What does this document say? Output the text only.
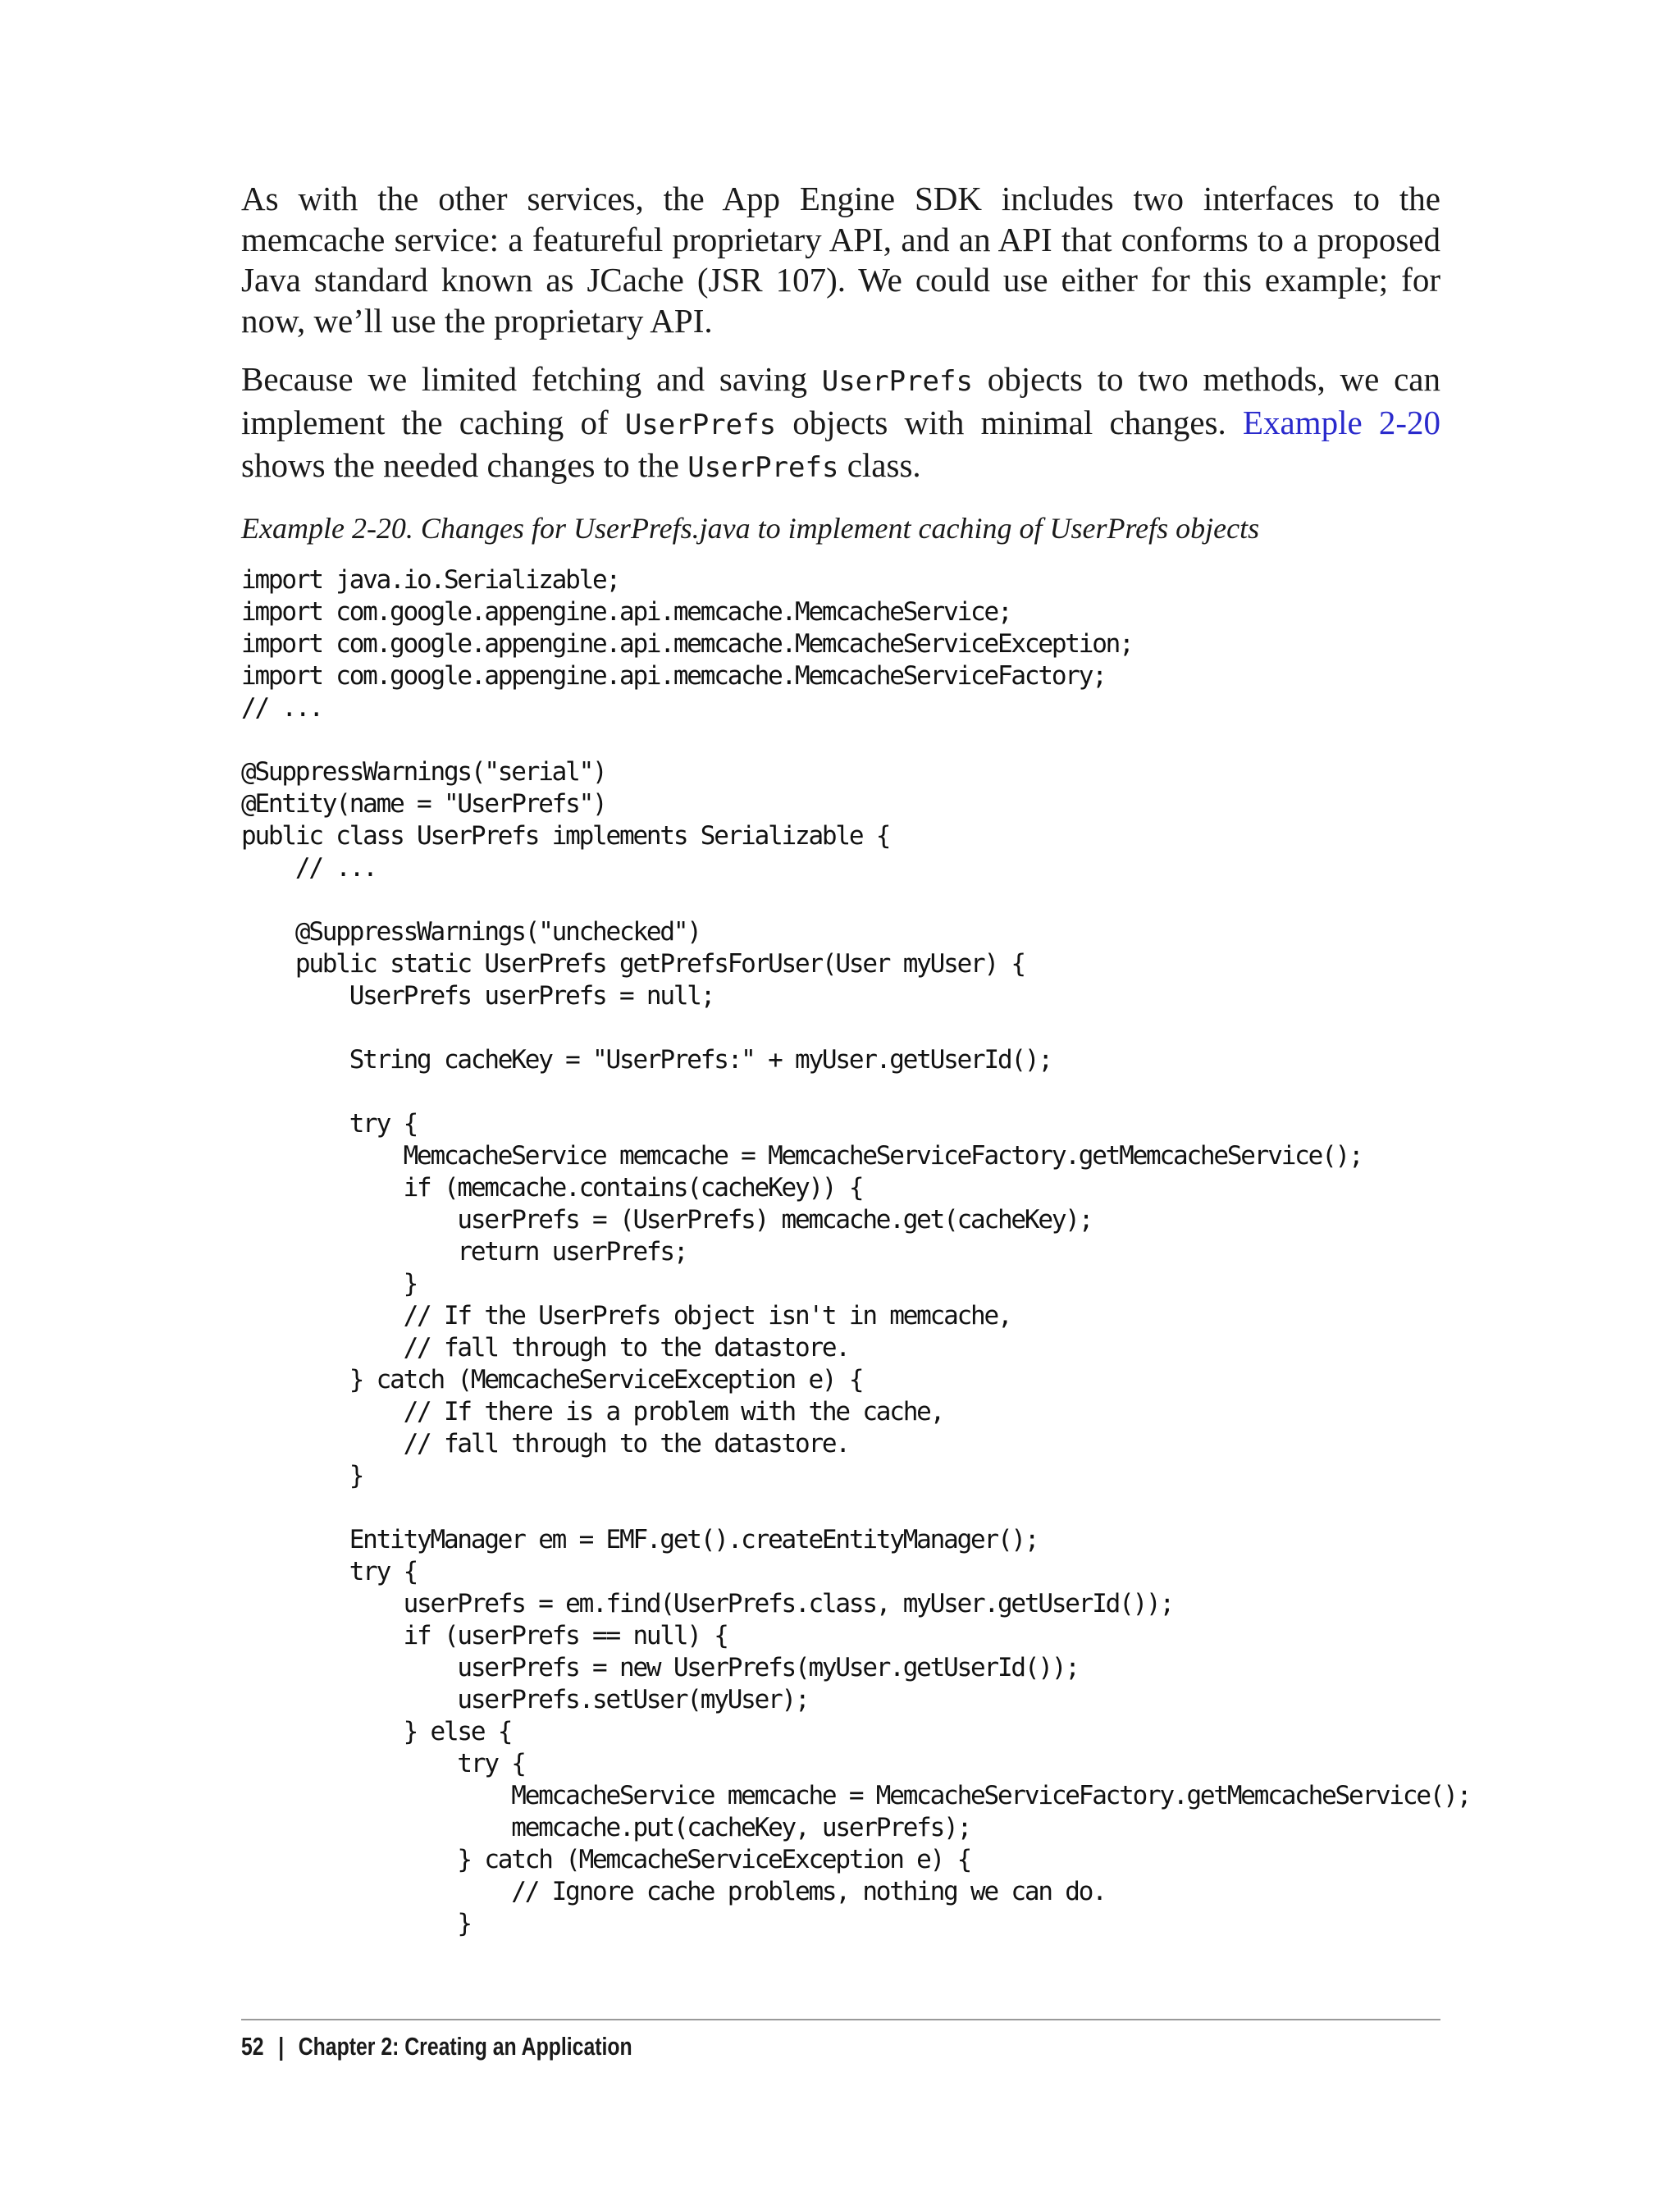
As with the other services, the App Engine SDK includes two interfaces to the memcache service: a featureful proprietary API, and an API that conforms to a proposed Java standard known as JCache (JSR 107). We could use either for this example; for now, we’ll use the proprietary API.

Because we limited fetching and saving UserPrefs objects to two methods, we can implement the caching of UserPrefs objects with minimal changes. Example 2-20 shows the needed changes to the UserPrefs class.

Example 2-20. Changes for UserPrefs.java to implement caching of UserPrefs objects

import java.io.Serializable;
import com.google.appengine.api.memcache.MemcacheService;
import com.google.appengine.api.memcache.MemcacheServiceException;
import com.google.appengine.api.memcache.MemcacheServiceFactory;
// ...
@SuppressWarnings("serial")
@Entity(name = "UserPrefs")
public class UserPrefs implements Serializable {
// ...
@SuppressWarnings("unchecked")
public static UserPrefs getPrefsForUser(User myUser) {
UserPrefs userPrefs = null;
String cacheKey = "UserPrefs:" + myUser.getUserId();
try {
MemcacheService memcache = MemcacheServiceFactory.getMemcacheService();
if (memcache.contains(cacheKey)) {
userPrefs = (UserPrefs) memcache.get(cacheKey);
return userPrefs;
}
// If the UserPrefs object isn't in memcache,
// fall through to the datastore.
} catch (MemcacheServiceException e) {
// If there is a problem with the cache,
// fall through to the datastore.
}
EntityManager em = EMF.get().createEntityManager();
try {
userPrefs = em.find(UserPrefs.class, myUser.getUserId());
if (userPrefs == null) {
userPrefs = new UserPrefs(myUser.getUserId());
userPrefs.setUser(myUser);
} else {
try {
MemcacheService memcache = MemcacheServiceFactory.getMemcacheService();
memcache.put(cacheKey, userPrefs);
} catch (MemcacheServiceException e) {
// Ignore cache problems, nothing we can do.
}
52 | Chapter 2: Creating an Application
